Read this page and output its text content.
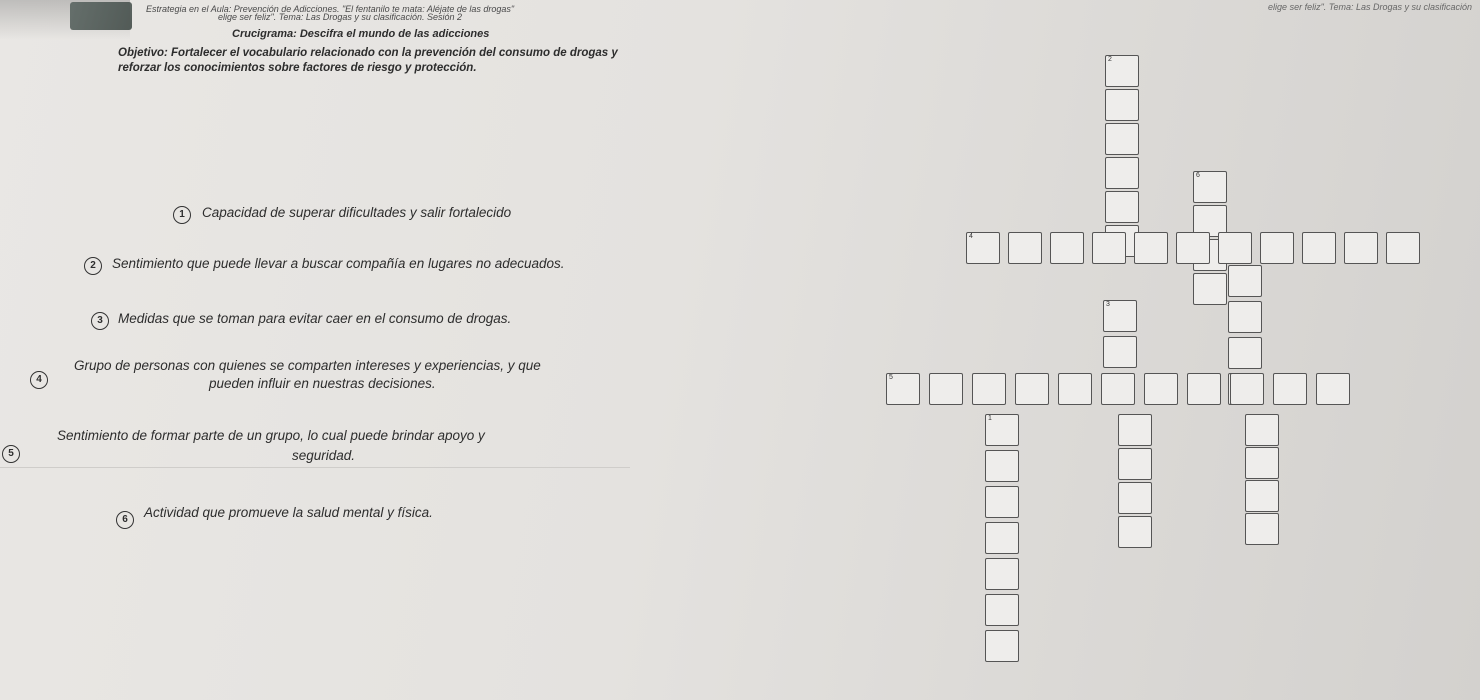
Estrategia en el Aula: Prevención de Adicciones. "El fentanilo te mata: Aléjate de las drogas"
elige ser feliz". Tema: Las Drogas y su clasificación. Sesión 2
elige ser feliz". Tema: Las Drogas y su clasificación
Crucigrama: Descifra el mundo de las adicciones
Objetivo: Fortalecer el vocabulario relacionado con la prevención del consumo de drogas y reforzar los conocimientos sobre factores de riesgo y protección.
1	Capacidad de superar dificultades y salir fortalecido
2	Sentimiento que puede llevar a buscar compañía en lugares no adecuados.
3	Medidas que se toman para evitar caer en el consumo de drogas.
4
Grupo de personas con quienes se comparten intereses y experiencias, y que
pueden influir en nuestras decisiones.
5
Sentimiento de formar parte de un grupo, lo cual puede brindar apoyo y
seguridad.
6	Actividad que promueve la salud mental y física.
2
6
4
3
5
1
